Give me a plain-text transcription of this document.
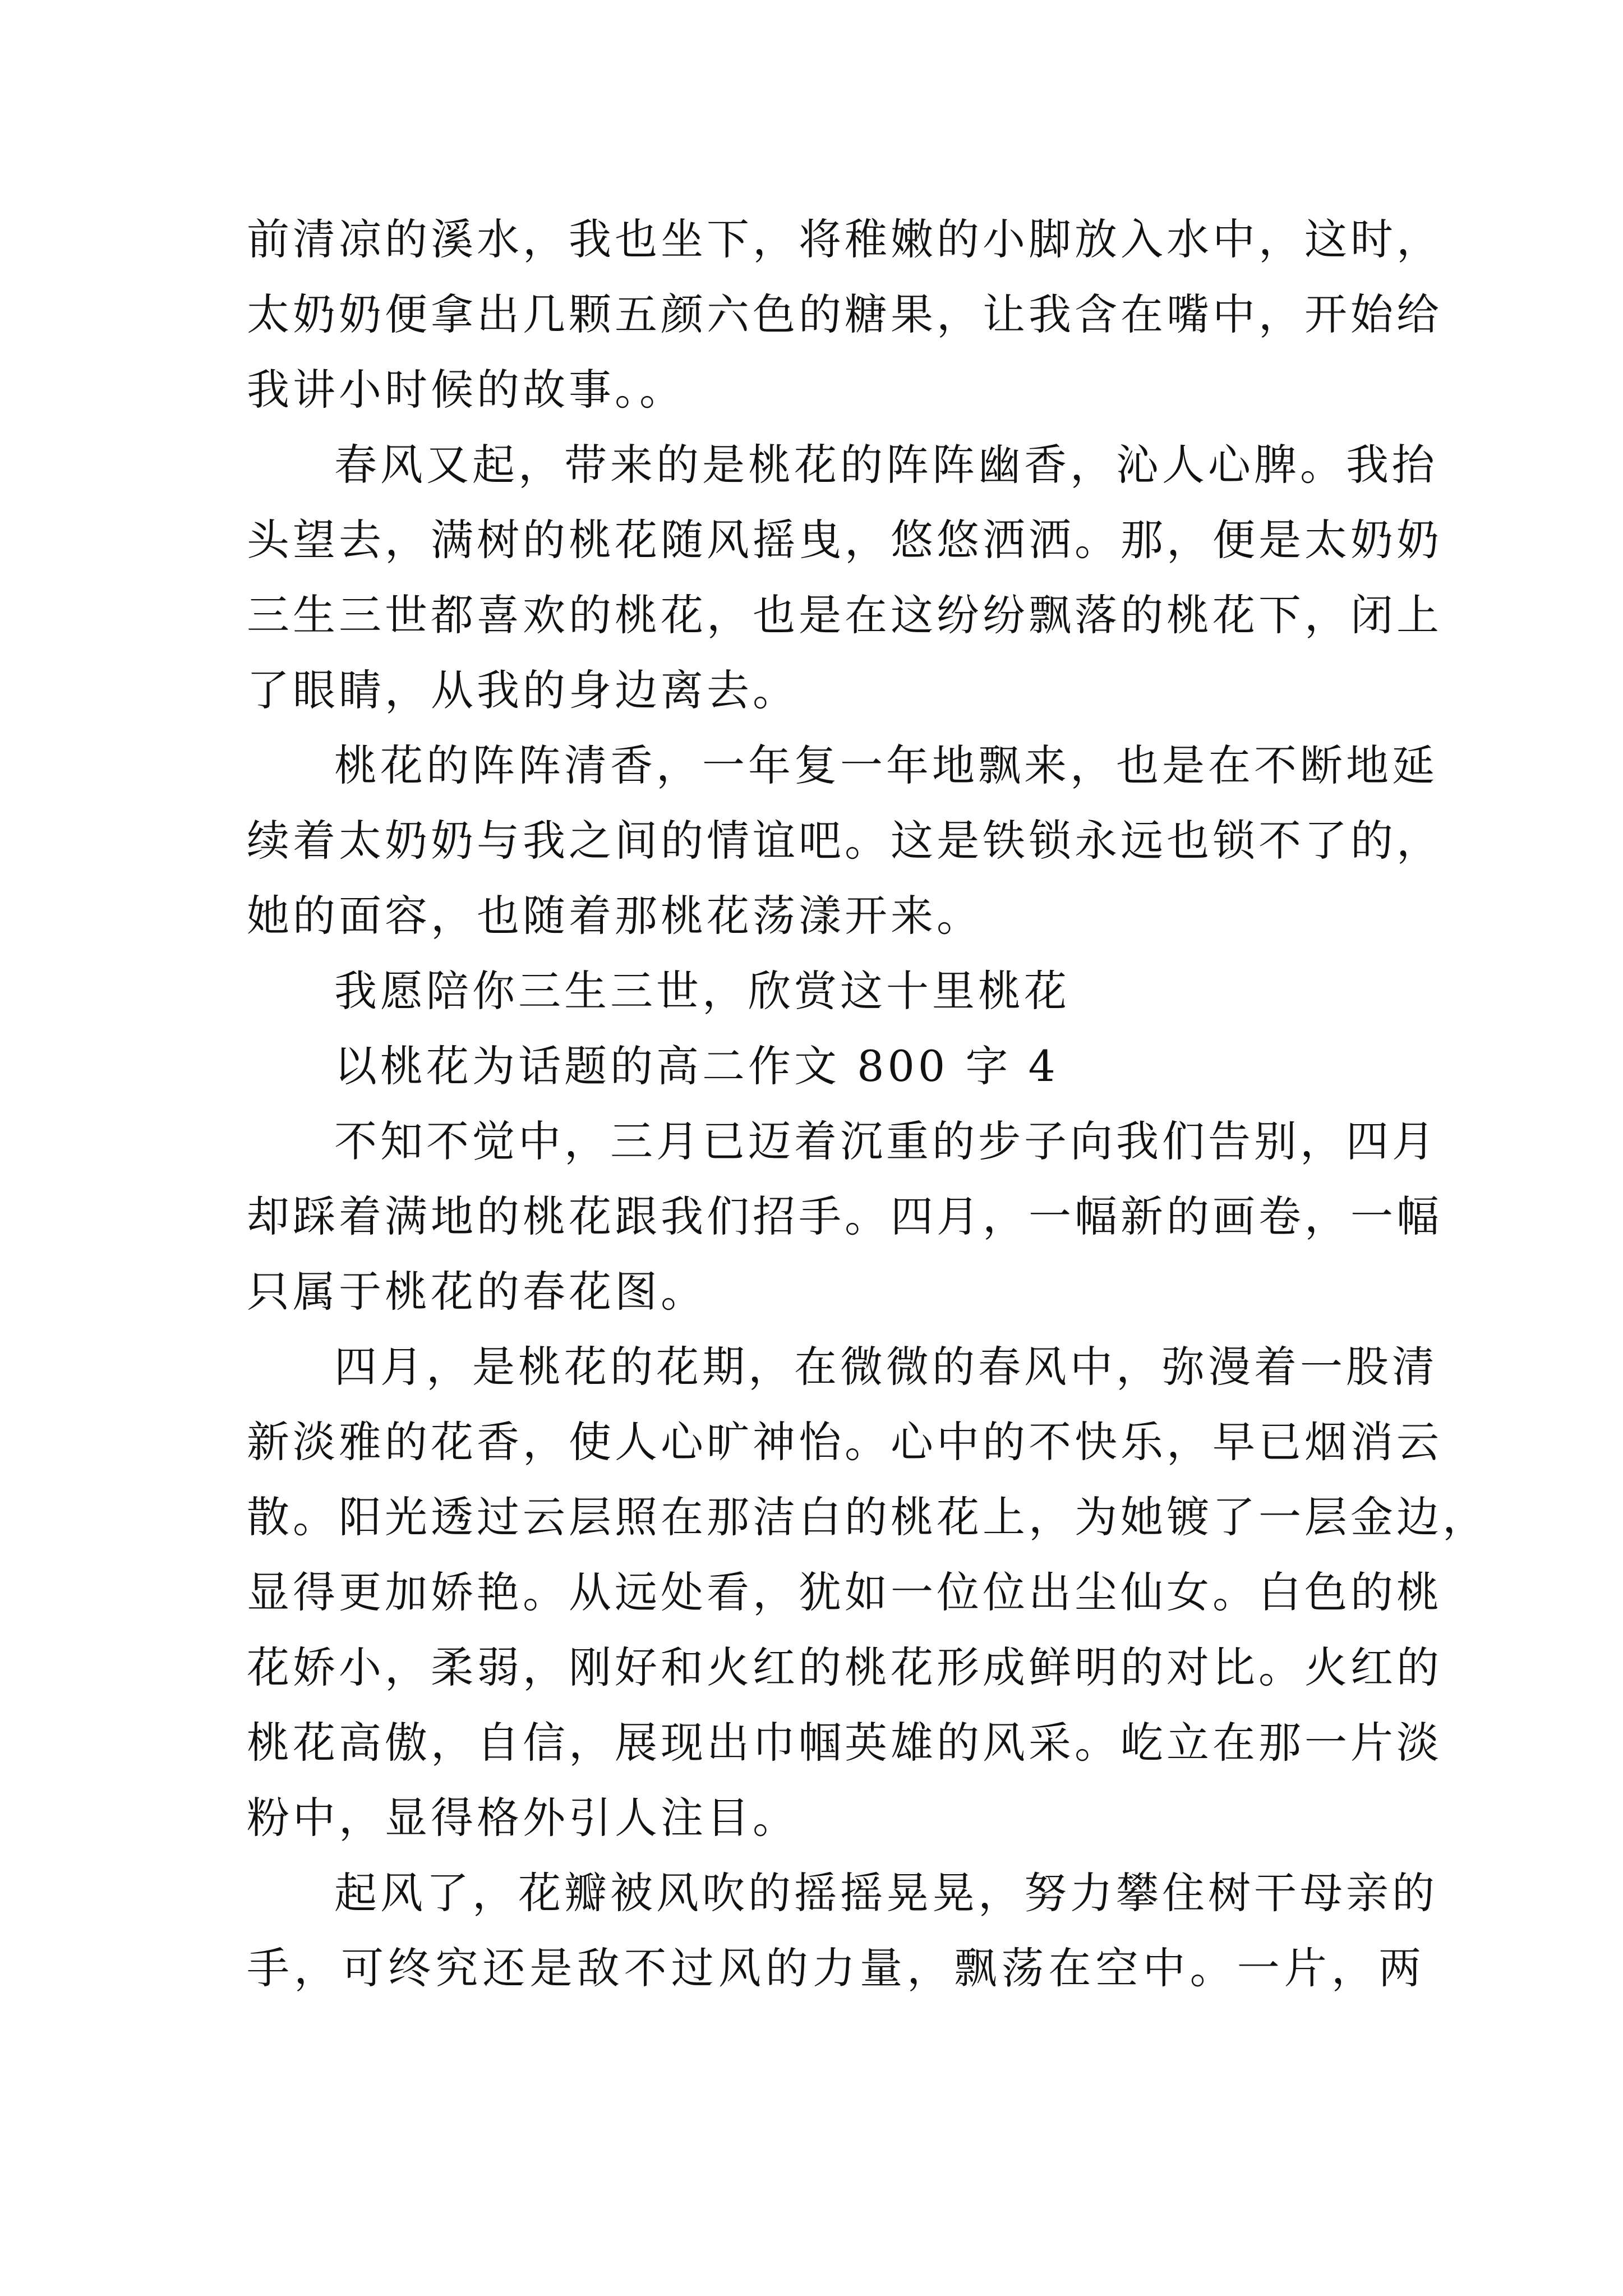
前清凉的溪水，我也坐下，将稚嫩的小脚放入水中，这时，
太奶奶便拿出几颗五颜六色的糖果，让我含在嘴中，开始给
我讲小时候的故事。。
春风又起，带来的是桃花的阵阵幽香，沁人心脾。我抬
头望去，满树的桃花随风摇曳，悠悠洒洒。那，便是太奶奶
三生三世都喜欢的桃花，也是在这纷纷飘落的桃花下，闭上
了眼睛，从我的身边离去。
桃花的阵阵清香，一年复一年地飘来，也是在不断地延
续着太奶奶与我之间的情谊吧。这是铁锁永远也锁不了的，
她的面容，也随着那桃花荡漾开来。
我愿陪你三生三世，欣赏这十里桃花
以桃花为话题的高二作文 800 字 4
不知不觉中，三月已迈着沉重的步子向我们告别，四月
却踩着满地的桃花跟我们招手。四月，一幅新的画卷，一幅
只属于桃花的春花图。
四月，是桃花的花期，在微微的春风中，弥漫着一股清
新淡雅的花香，使人心旷神怡。心中的不快乐，早已烟消云
散。阳光透过云层照在那洁白的桃花上，为她镀了一层金边，
显得更加娇艳。从远处看，犹如一位位出尘仙女。白色的桃
花娇小，柔弱，刚好和火红的桃花形成鲜明的对比。火红的
桃花高傲，自信，展现出巾帼英雄的风采。屹立在那一片淡
粉中，显得格外引人注目。
起风了，花瓣被风吹的摇摇晃晃，努力攀住树干母亲的
手，可终究还是敌不过风的力量，飘荡在空中。一片，两
